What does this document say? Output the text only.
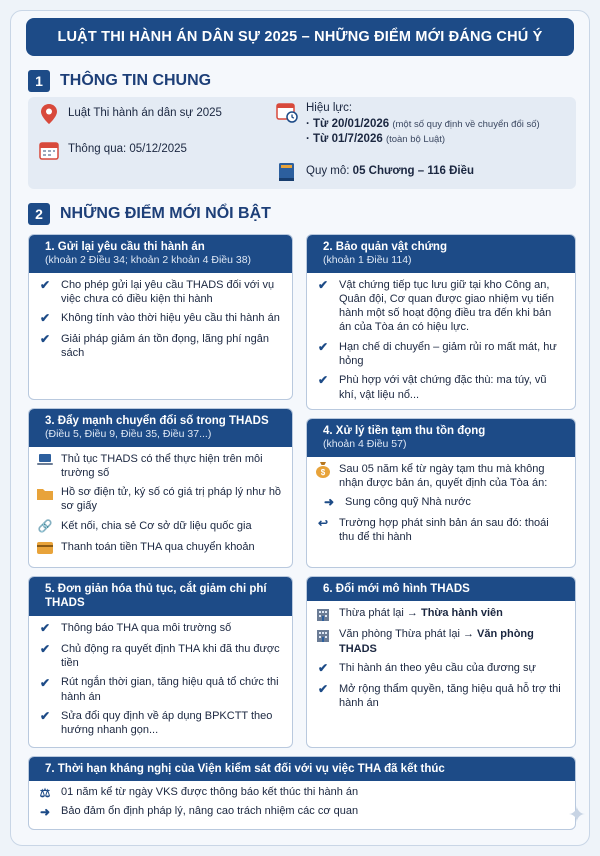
LUẬT THI HÀNH ÁN DÂN SỰ 2025 – NHỮNG ĐIỂM MỚI ĐÁNG CHÚ Ý
1	THÔNG TIN CHUNG
Luật Thi hành án dân sự 2025
Thông qua: 05/12/2025
Hiệu lực:
· Từ 20/01/2026 (một số quy định về chuyển đổi số)
· Từ 01/7/2026 (toàn bộ Luật)
Quy mô: 05 Chương – 116 Điều
2	NHỮNG ĐIỂM MỚI NỔI BẬT
1. Gửi lại yêu cầu thi hành án
(khoản 2 Điều 34; khoản 2 khoản 4 Điều 38)
✔ Cho phép gửi lại yêu cầu THADS đối với vụ việc chưa có điều kiện thi hành
✔ Không tính vào thời hiệu yêu cầu thi hành án
✔ Giải pháp giảm án tồn đọng, lãng phí ngân sách
2. Bảo quản vật chứng
(khoản 1 Điều 114)
✔ Vật chứng tiếp tục lưu giữ tại kho Công an, Quân đội, Cơ quan được giao nhiệm vụ tiến hành một số hoạt động điều tra đến khi bản án của Tòa án có hiệu lực.
✔ Hạn chế di chuyển – giảm rủi ro mất mát, hư hỏng
✔ Phù hợp với vật chứng đặc thù: ma túy, vũ khí, vật liệu nổ...
3. Đẩy mạnh chuyển đổi số trong THADS
(Điều 5, Điều 9, Điều 35, Điều 37...)
Thủ tục THADS có thể thực hiện trên môi trường số
Hồ sơ điện tử, ký số có giá trị pháp lý như hồ sơ giấy
🔗 Kết nối, chia sẻ Cơ sở dữ liệu quốc gia
Thanh toán tiền THA qua chuyển khoản
4. Xử lý tiền tạm thu tồn đọng
(khoản 4 Điều 57)
$ Sau 05 năm kể từ ngày tạm thu mà không nhận được bản án, quyết định của Tòa án:
➜ Sung công quỹ Nhà nước
↩ Trường hợp phát sinh bản án sau đó: thoái thu để thi hành
5. Đơn giản hóa thủ tục, cắt giảm chi phí THADS
✔ Thông báo THA qua môi trường số
✔ Chủ động ra quyết định THA khi đã thu được tiền
✔ Rút ngắn thời gian, tăng hiệu quả tổ chức thi hành án
✔ Sửa đổi quy định về áp dụng BPKCTT theo hướng nhanh gọn...
6. Đổi mới mô hình THADS
Thừa phát lại → Thừa hành viên
Văn phòng Thừa phát lại → Văn phòng THADS
✔ Thi hành án theo yêu cầu của đương sự
✔ Mở rộng thẩm quyền, tăng hiệu quả hỗ trợ thi hành án
7. Thời hạn kháng nghị của Viện kiểm sát đối với vụ việc THA đã kết thúc
⚖ 01 năm kể từ ngày VKS được thông báo kết thúc thi hành án
➜ Bảo đảm ổn định pháp lý, nâng cao trách nhiệm các cơ quan	✦
